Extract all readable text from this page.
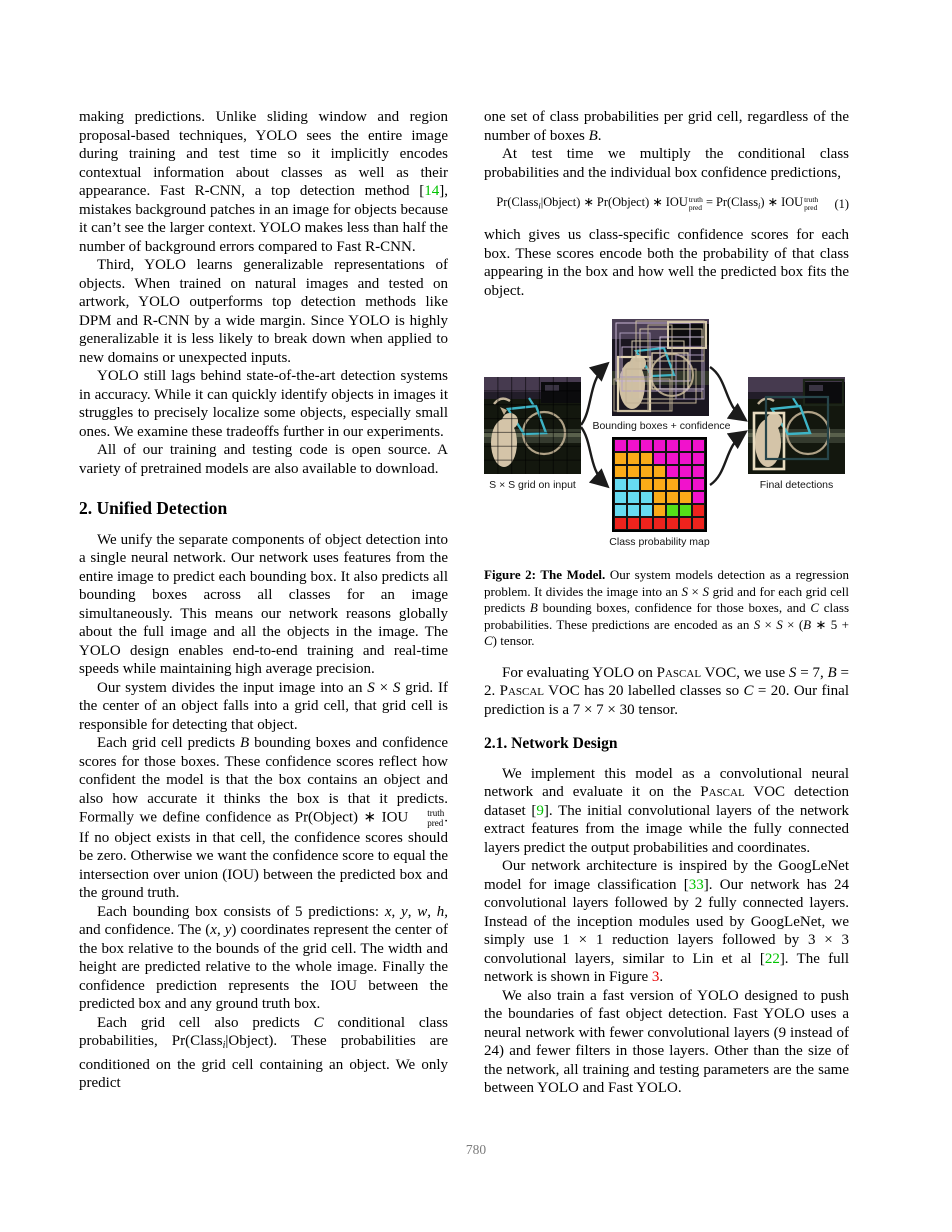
making predictions. Unlike sliding window and region proposal-based techniques, YOLO sees the entire image during training and test time so it implicitly encodes contextual information about classes as well as their appearance. Fast R-CNN, a top detection method [14], mistakes background patches in an image for objects because it can’t see the larger context. YOLO makes less than half the number of background errors compared to Fast R-CNN.

Third, YOLO learns generalizable representations of objects. When trained on natural images and tested on artwork, YOLO outperforms top detection methods like DPM and R-CNN by a wide margin. Since YOLO is highly generalizable it is less likely to break down when applied to new domains or unexpected inputs.

YOLO still lags behind state-of-the-art detection systems in accuracy. While it can quickly identify objects in images it struggles to precisely localize some objects, especially small ones. We examine these tradeoffs further in our experiments.

All of our training and testing code is open source. A variety of pretrained models are also available to download.

2. Unified Detection

We unify the separate components of object detection into a single neural network. Our network uses features from the entire image to predict each bounding box. It also predicts all bounding boxes across all classes for an image simultaneously. This means our network reasons globally about the full image and all the objects in the image. The YOLO design enables end-to-end training and real-time speeds while maintaining high average precision.

Our system divides the input image into an S × S grid. If the center of an object falls into a grid cell, that grid cell is responsible for detecting that object.

Each grid cell predicts B bounding boxes and confidence scores for those boxes. These confidence scores reflect how confident the model is that the box contains an object and also how accurate it thinks the box is that it predicts. Formally we define confidence as Pr(Object) ∗ IOU	truth
pred . If no object exists in that cell, the confidence scores should be zero. Otherwise we want the confidence score to equal the intersection over union (IOU) between the predicted box and the ground truth.

Each bounding box consists of 5 predictions: x, y, w, h, and confidence. The (x, y) coordinates represent the center of the box relative to the bounds of the grid cell. The width and height are predicted relative to the whole image. Finally the confidence prediction represents the IOU between the predicted box and any ground truth box.

Each grid cell also predicts C conditional class probabilities, Pr(Class$_i$|Object). These probabilities are conditioned on the grid cell containing an object. We only predict

one set of class probabilities per grid cell, regardless of the number of boxes B.

At test time we multiply the conditional class probabilities and the individual box confidence predictions,

Pr(Class$_i$|Object) ∗ Pr(Object) ∗ IOU truth
pred = Pr(Class$_i$) ∗ IOU truth
pred	(1)

which gives us class-specific confidence scores for each box. These scores encode both the probability of that class appearing in the box and how well the predicted box fits the object.

S × S grid on input
Bounding boxes + confidence
Class probability map
Final detections

Figure 2: The Model. Our system models detection as a regression problem. It divides the image into an S × S grid and for each grid cell predicts B bounding boxes, confidence for those boxes, and C class probabilities. These predictions are encoded as an S × S × (B ∗ 5 + C) tensor.

For evaluating YOLO on Pascal VOC, we use S = 7, B = 2. Pascal VOC has 20 labelled classes so C = 20. Our final prediction is a 7 × 7 × 30 tensor.

2.1. Network Design

We implement this model as a convolutional neural network and evaluate it on the Pascal VOC detection dataset [9]. The initial convolutional layers of the network extract features from the image while the fully connected layers predict the output probabilities and coordinates.

Our network architecture is inspired by the GoogLeNet model for image classification [33]. Our network has 24 convolutional layers followed by 2 fully connected layers. Instead of the inception modules used by GoogLeNet, we simply use 1 × 1 reduction layers followed by 3 × 3 convolutional layers, similar to Lin et al [22]. The full network is shown in Figure 3.

We also train a fast version of YOLO designed to push the boundaries of fast object detection. Fast YOLO uses a neural network with fewer convolutional layers (9 instead of 24) and fewer filters in those layers. Other than the size of the network, all training and testing parameters are the same between YOLO and Fast YOLO.

780
